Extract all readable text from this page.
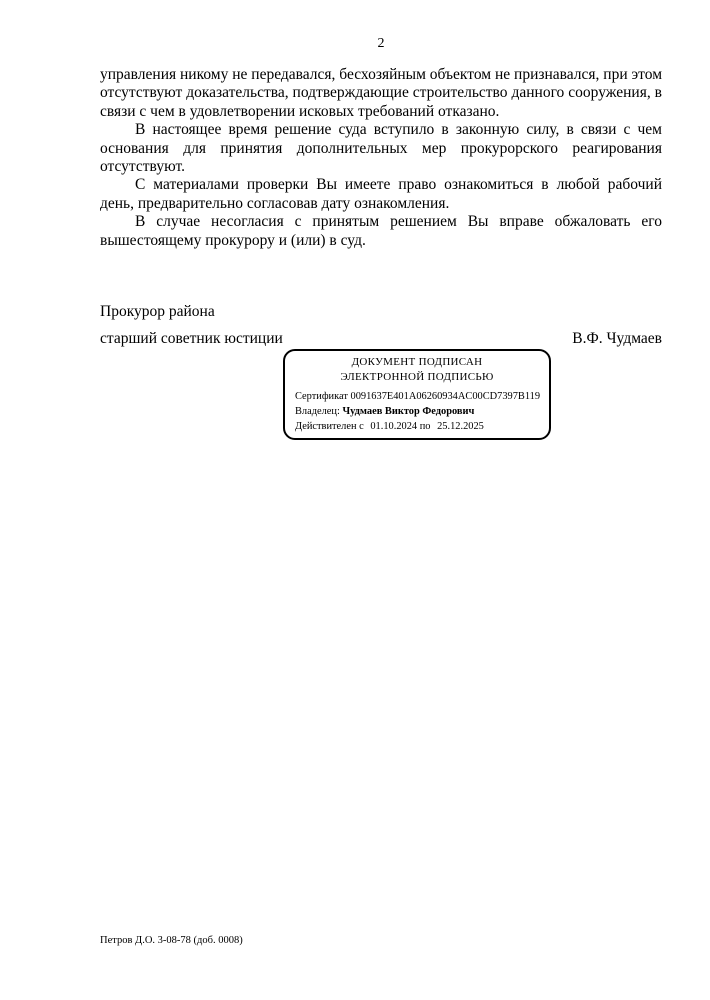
2

управления никому не передавался, бесхозяйным объектом не признавался, при этом отсутствуют доказательства, подтверждающие строительство данного сооружения, в связи с чем в удовлетворении исковых требований отказано.

В настоящее время решение суда вступило в законную силу, в связи с чем основания для принятия дополнительных мер прокурорского реагирования отсутствуют.

С материалами проверки Вы имеете право ознакомиться в любой рабочий день, предварительно согласовав дату ознакомления.

В случае несогласия с принятым решением Вы вправе обжаловать его вышестоящему прокурору и (или) в суд.

Прокурор района
старший советник юстиции	В.Ф. Чудмаев
ДОКУМЕНТ ПОДПИСАН
ЭЛЕКТРОННОЙ ПОДПИСЬЮ
Сертификат 0091637E401A06260934AC00CD7397B119
Владелец: Чудмаев Виктор Федорович
Действителен с 01.10.2024 по 25.12.2025
Петров Д.О. 3-08-78 (доб. 0008)
